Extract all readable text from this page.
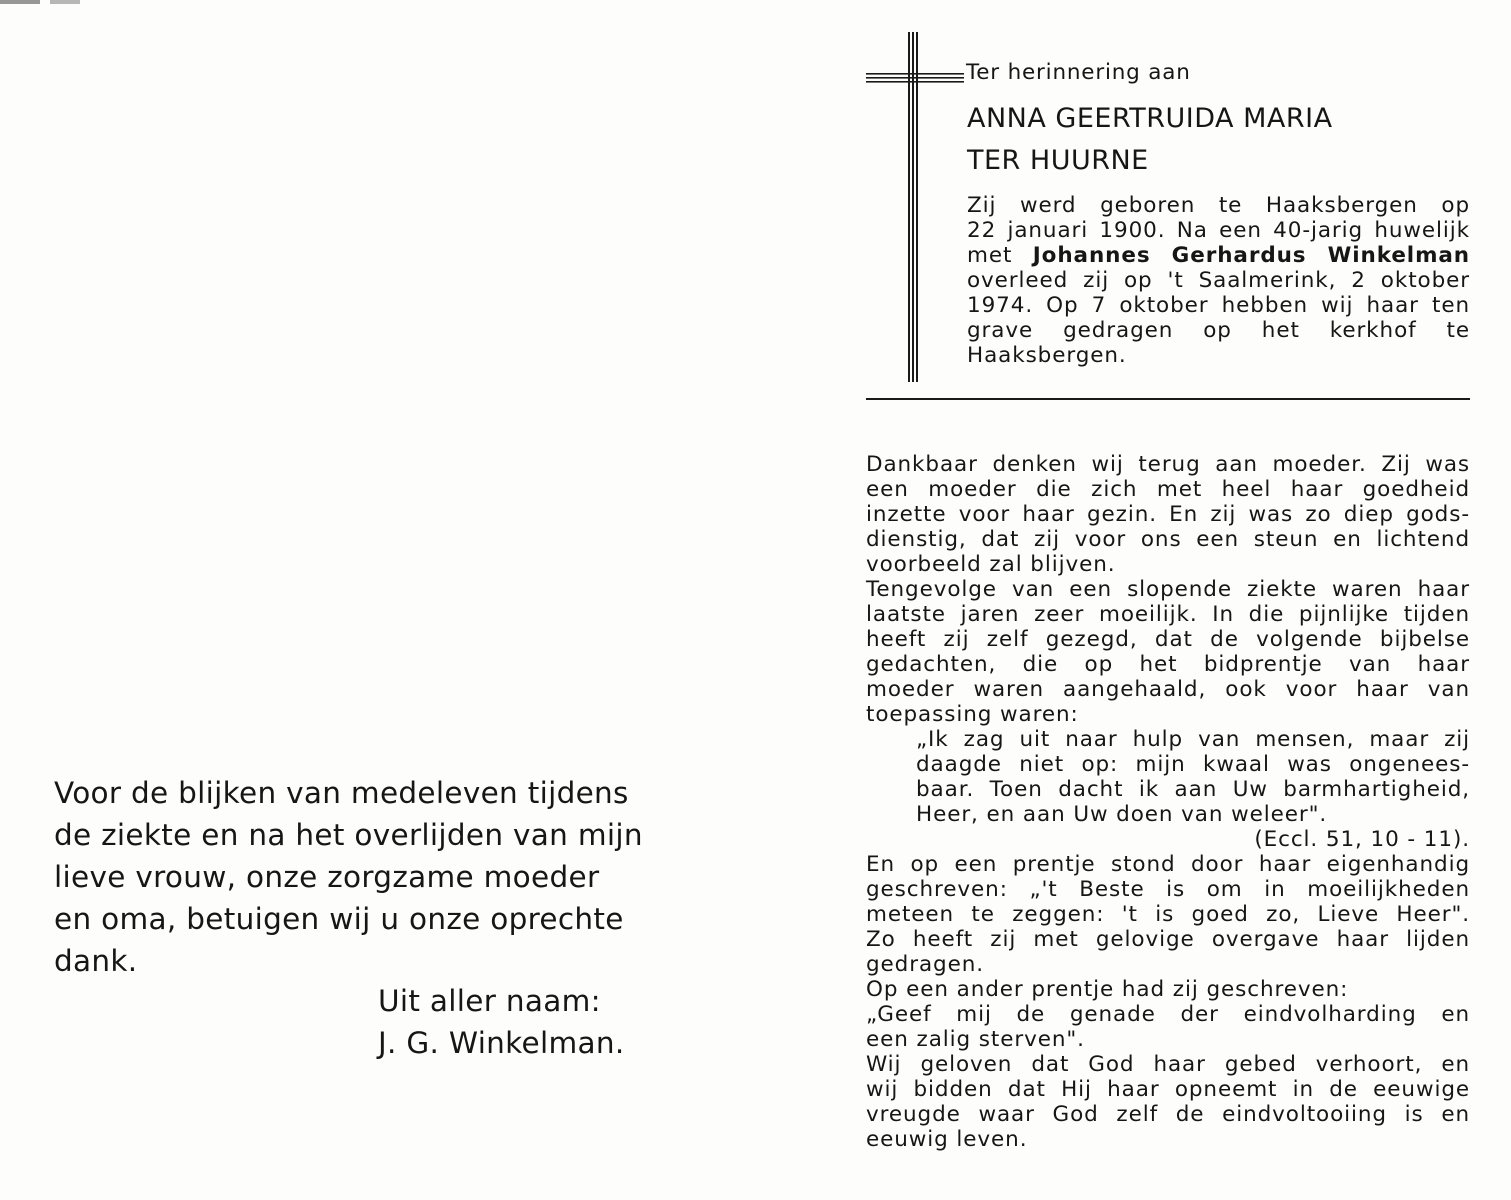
Voor de blijken van medeleven tijdens
de ziekte en na het overlijden van mijn
lieve vrouw, onze zorgzame moeder
en oma, betuigen wij u onze oprechte
dank.
Uit aller naam:
J. G. Winkelman.
Ter herinnering aan
ANNA GEERTRUIDA MARIA
TER HUURNE
Zij werd geboren te Haaksbergen op
22 januari 1900. Na een 40-jarig huwelijk
met Johannes Gerhardus Winkelman
overleed zij op 't Saalmerink, 2 oktober
1974. Op 7 oktober hebben wij haar ten
grave gedragen op het kerkhof te
Haaksbergen.
Dankbaar denken wij terug aan moeder. Zij was
een moeder die zich met heel haar goedheid
inzette voor haar gezin. En zij was zo diep gods-
dienstig, dat zij voor ons een steun en lichtend
voorbeeld zal blijven.
Tengevolge van een slopende ziekte waren haar
laatste jaren zeer moeilijk. In die pijnlijke tijden
heeft zij zelf gezegd, dat de volgende bijbelse
gedachten, die op het bidprentje van haar
moeder waren aangehaald, ook voor haar van
toepassing waren:
„Ik zag uit naar hulp van mensen, maar zij
daagde niet op: mijn kwaal was ongenees-
baar. Toen dacht ik aan Uw barmhartigheid,
Heer, en aan Uw doen van weleer".
(Eccl. 51, 10 - 11).
En op een prentje stond door haar eigenhandig
geschreven: „'t Beste is om in moeilijkheden
meteen te zeggen: 't is goed zo, Lieve Heer".
Zo heeft zij met gelovige overgave haar lijden
gedragen.
Op een ander prentje had zij geschreven:
„Geef mij de genade der eindvolharding en
een zalig sterven".
Wij geloven dat God haar gebed verhoort, en
wij bidden dat Hij haar opneemt in de eeuwige
vreugde waar God zelf de eindvoltooiing is en
eeuwig leven.
